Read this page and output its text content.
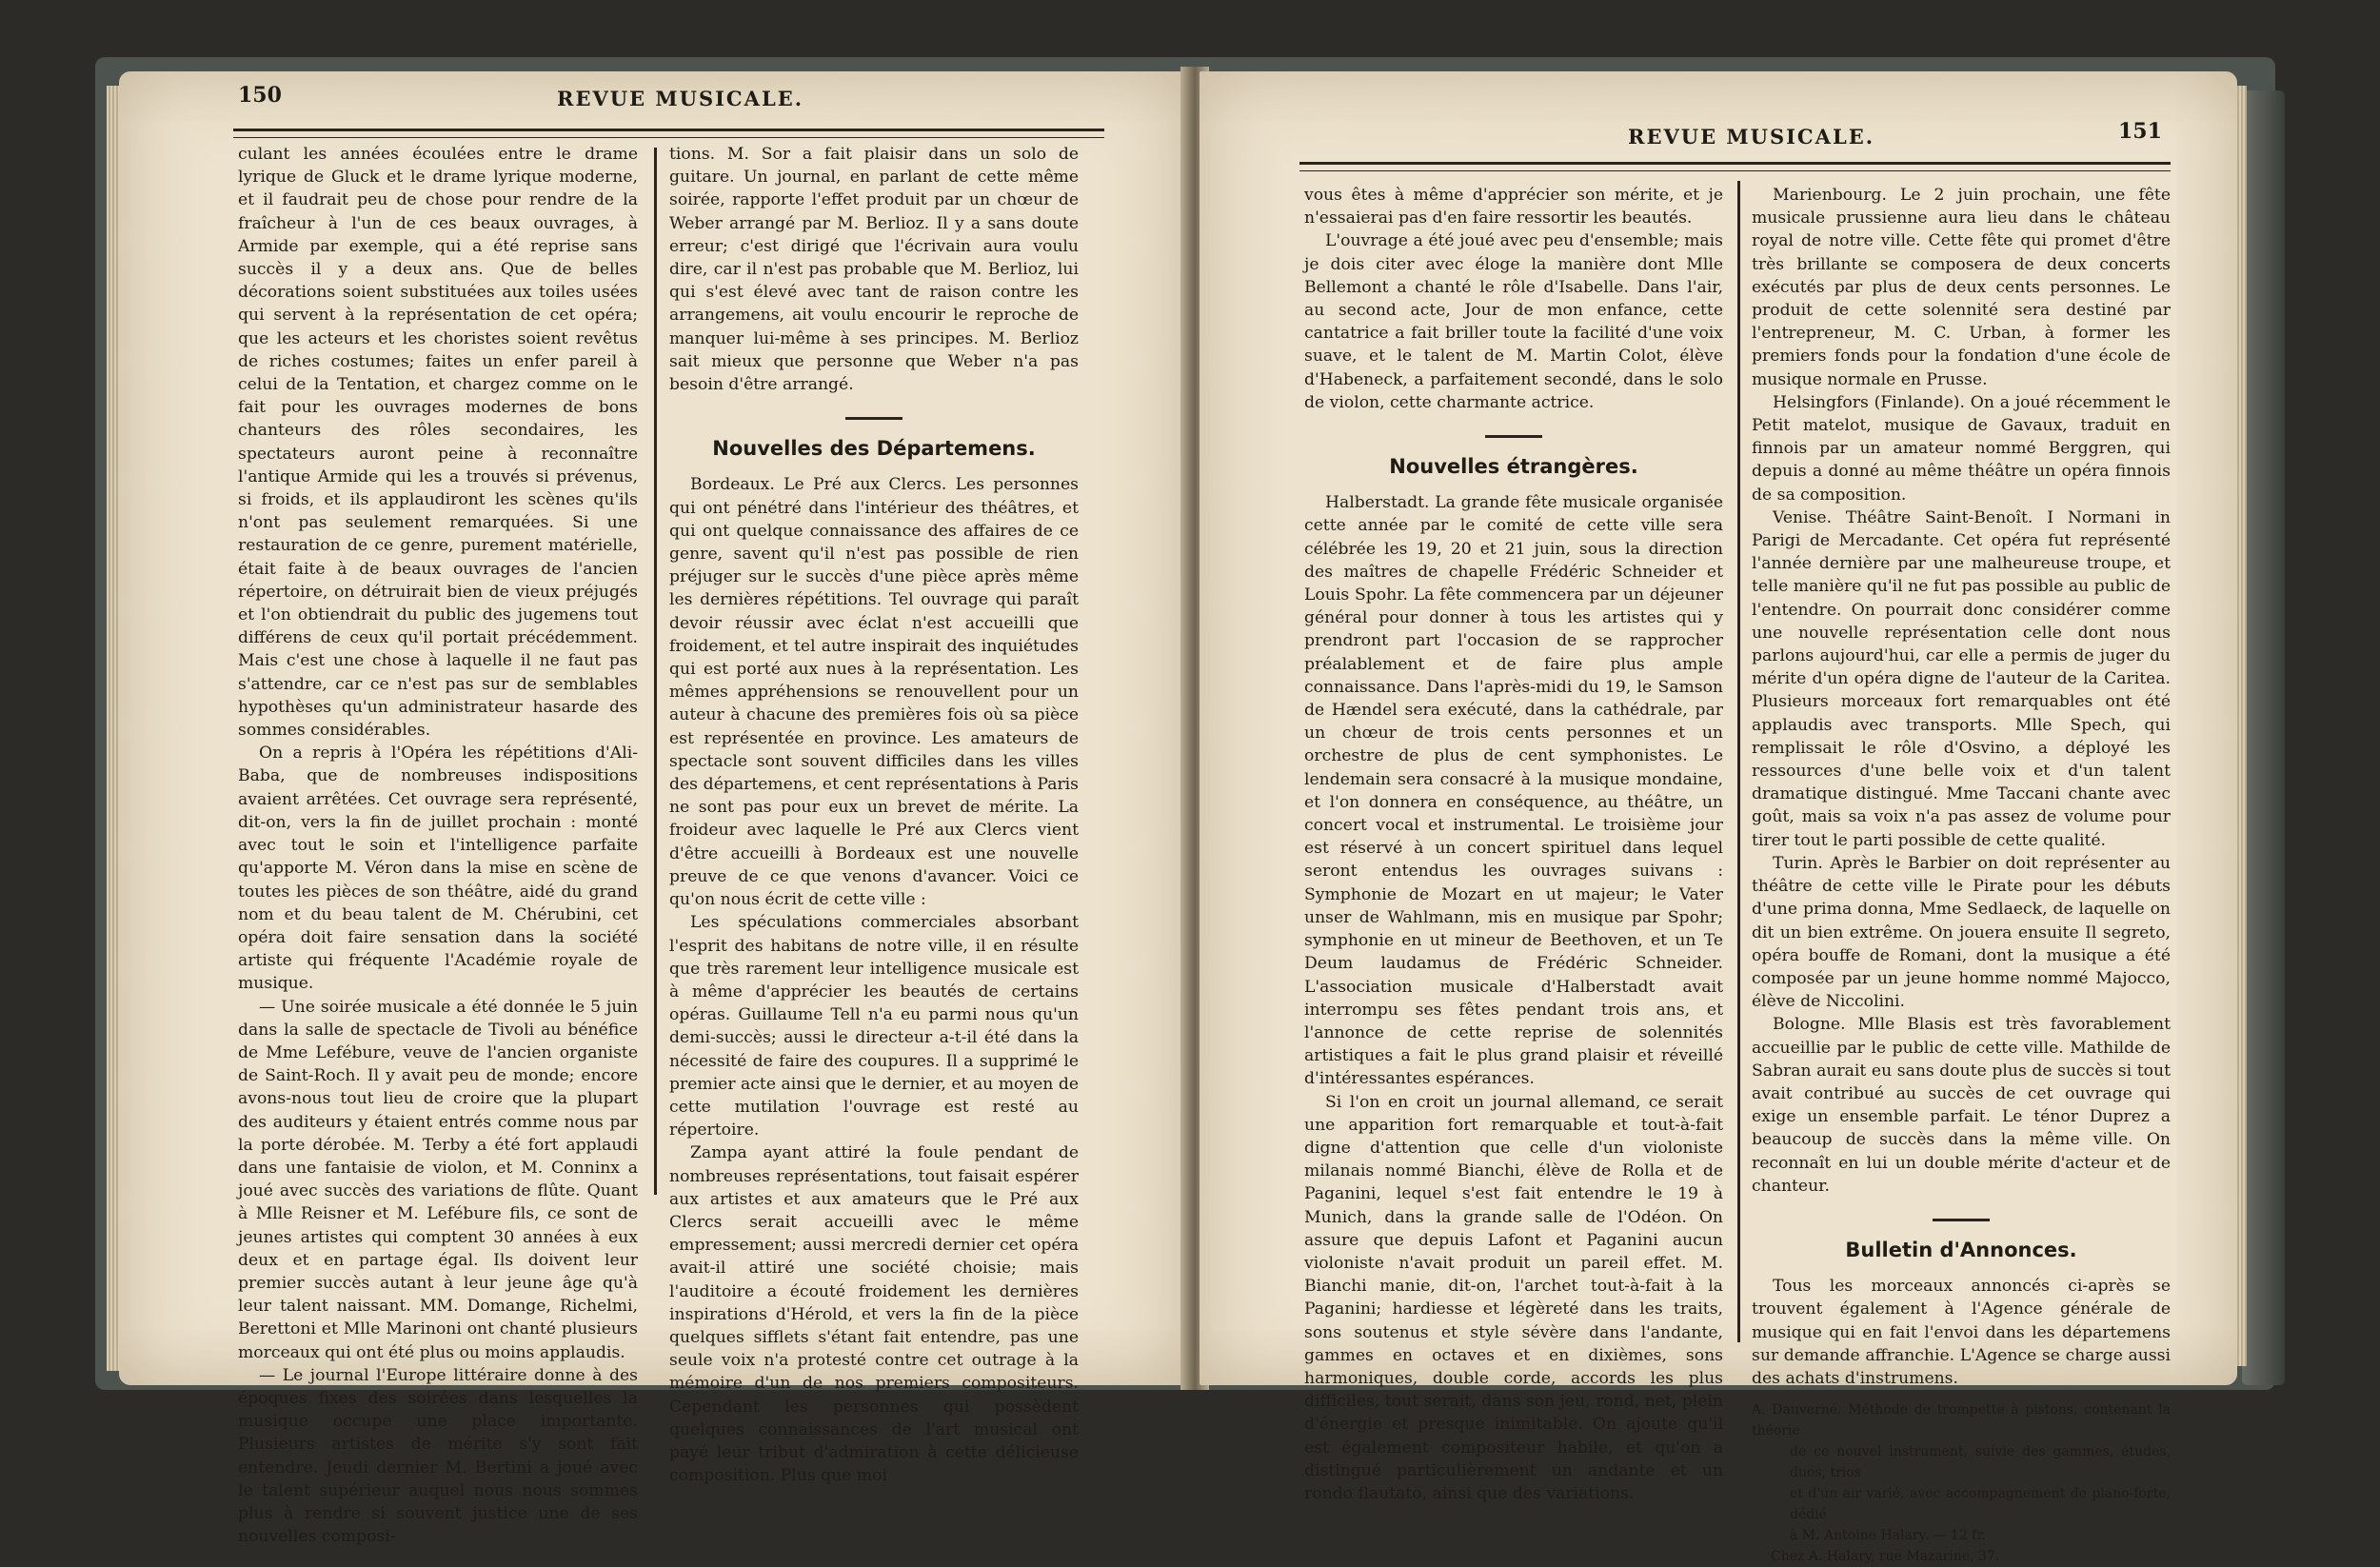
150	REVUE MUSICALE.

culant les années écoulées entre le drame lyrique de Gluck et le drame lyrique moderne, et il faudrait peu de chose pour rendre de la fraîcheur à l'un de ces beaux ouvrages, à Armide par exemple, qui a été reprise sans succès il y a deux ans. Que de belles décorations soient substituées aux toiles usées qui servent à la représentation de cet opéra; que les acteurs et les choristes soient revêtus de riches costumes; faites un enfer pareil à celui de la Tentation, et chargez comme on le fait pour les ouvrages modernes de bons chanteurs des rôles secondaires, les spectateurs auront peine à reconnaître l'antique Armide qui les a trouvés si prévenus, si froids, et ils applaudiront les scènes qu'ils n'ont pas seulement remarquées. Si une restauration de ce genre, purement matérielle, était faite à de beaux ouvrages de l'ancien répertoire, on détruirait bien de vieux préjugés et l'on obtiendrait du public des jugemens tout différens de ceux qu'il portait précédemment. Mais c'est une chose à laquelle il ne faut pas s'attendre, car ce n'est pas sur de semblables hypothèses qu'un administrateur hasarde des sommes considérables.

On a repris à l'Opéra les répétitions d'Ali-Baba, que de nombreuses indispositions avaient arrêtées. Cet ouvrage sera représenté, dit-on, vers la fin de juillet prochain : monté avec tout le soin et l'intelligence parfaite qu'apporte M. Véron dans la mise en scène de toutes les pièces de son théâtre, aidé du grand nom et du beau talent de M. Chérubini, cet opéra doit faire sensation dans la société artiste qui fréquente l'Académie royale de musique.

— Une soirée musicale a été donnée le 5 juin dans la salle de spectacle de Tivoli au bénéfice de Mme Lefébure, veuve de l'ancien organiste de Saint-Roch. Il y avait peu de monde; encore avons-nous tout lieu de croire que la plupart des auditeurs y étaient entrés comme nous par la porte dérobée. M. Terby a été fort applaudi dans une fantaisie de violon, et M. Conninx a joué avec succès des variations de flûte. Quant à Mlle Reisner et M. Lefébure fils, ce sont de jeunes artistes qui comptent 30 années à eux deux et en partage égal. Ils doivent leur premier succès autant à leur jeune âge qu'à leur talent naissant. MM. Domange, Richelmi, Berettoni et Mlle Marinoni ont chanté plusieurs morceaux qui ont été plus ou moins applaudis.

— Le journal l'Europe littéraire donne à des époques fixes des soirées dans lesquelles la musique occupe une place importante. Plusieurs artistes de mérite s'y sont fait entendre. Jeudi dernier M. Bertini a joué avec le talent supérieur auquel nous nous sommes plus à rendre si souvent justice une de ses nouvelles composi-

tions. M. Sor a fait plaisir dans un solo de guitare. Un journal, en parlant de cette même soirée, rapporte l'effet produit par un chœur de Weber arrangé par M. Berlioz. Il y a sans doute erreur; c'est dirigé que l'écrivain aura voulu dire, car il n'est pas probable que M. Berlioz, lui qui s'est élevé avec tant de raison contre les arrangemens, ait voulu encourir le reproche de manquer lui-même à ses principes. M. Berlioz sait mieux que personne que Weber n'a pas besoin d'être arrangé.

Nouvelles des Départemens.

Bordeaux. Le Pré aux Clercs. Les personnes qui ont pénétré dans l'intérieur des théâtres, et qui ont quelque connaissance des affaires de ce genre, savent qu'il n'est pas possible de rien préjuger sur le succès d'une pièce après même les dernières répétitions. Tel ouvrage qui paraît devoir réussir avec éclat n'est accueilli que froidement, et tel autre inspirait des inquiétudes qui est porté aux nues à la représentation. Les mêmes appréhensions se renouvellent pour un auteur à chacune des premières fois où sa pièce est représentée en province. Les amateurs de spectacle sont souvent difficiles dans les villes des départemens, et cent représentations à Paris ne sont pas pour eux un brevet de mérite. La froideur avec laquelle le Pré aux Clercs vient d'être accueilli à Bordeaux est une nouvelle preuve de ce que venons d'avancer. Voici ce qu'on nous écrit de cette ville :

Les spéculations commerciales absorbant l'esprit des habitans de notre ville, il en résulte que très rarement leur intelligence musicale est à même d'apprécier les beautés de certains opéras. Guillaume Tell n'a eu parmi nous qu'un demi-succès; aussi le directeur a-t-il été dans la nécessité de faire des coupures. Il a supprimé le premier acte ainsi que le dernier, et au moyen de cette mutilation l'ouvrage est resté au répertoire.

Zampa ayant attiré la foule pendant de nombreuses représentations, tout faisait espérer aux artistes et aux amateurs que le Pré aux Clercs serait accueilli avec le même empressement; aussi mercredi dernier cet opéra avait-il attiré une société choisie; mais l'auditoire a écouté froidement les dernières inspirations d'Hérold, et vers la fin de la pièce quelques sifflets s'étant fait entendre, pas une seule voix n'a protesté contre cet outrage à la mémoire d'un de nos premiers compositeurs. Cependant les personnes qui possèdent quelques connaissances de l'art musical ont payé leur tribut d'admiration à cette délicieuse composition. Plus que moi

REVUE MUSICALE.	151

vous êtes à même d'apprécier son mérite, et je n'essaierai pas d'en faire ressortir les beautés.

L'ouvrage a été joué avec peu d'ensemble; mais je dois citer avec éloge la manière dont Mlle Bellemont a chanté le rôle d'Isabelle. Dans l'air, au second acte, Jour de mon enfance, cette cantatrice a fait briller toute la facilité d'une voix suave, et le talent de M. Martin Colot, élève d'Habeneck, a parfaitement secondé, dans le solo de violon, cette charmante actrice.

Nouvelles étrangères.

Halberstadt. La grande fête musicale organisée cette année par le comité de cette ville sera célébrée les 19, 20 et 21 juin, sous la direction des maîtres de chapelle Frédéric Schneider et Louis Spohr. La fête commencera par un déjeuner général pour donner à tous les artistes qui y prendront part l'occasion de se rapprocher préalablement et de faire plus ample connaissance. Dans l'après-midi du 19, le Samson de Hændel sera exécuté, dans la cathédrale, par un chœur de trois cents personnes et un orchestre de plus de cent symphonistes. Le lendemain sera consacré à la musique mondaine, et l'on donnera en conséquence, au théâtre, un concert vocal et instrumental. Le troisième jour est réservé à un concert spirituel dans lequel seront entendus les ouvrages suivans : Symphonie de Mozart en ut majeur; le Vater unser de Wahlmann, mis en musique par Spohr; symphonie en ut mineur de Beethoven, et un Te Deum laudamus de Frédéric Schneider. L'association musicale d'Halberstadt avait interrompu ses fêtes pendant trois ans, et l'annonce de cette reprise de solennités artistiques a fait le plus grand plaisir et réveillé d'intéressantes espérances.

Si l'on en croit un journal allemand, ce serait une apparition fort remarquable et tout-à-fait digne d'attention que celle d'un violoniste milanais nommé Bianchi, élève de Rolla et de Paganini, lequel s'est fait entendre le 19 à Munich, dans la grande salle de l'Odéon. On assure que depuis Lafont et Paganini aucun violoniste n'avait produit un pareil effet. M. Bianchi manie, dit-on, l'archet tout-à-fait à la Paganini; hardiesse et légèreté dans les traits, sons soutenus et style sévère dans l'andante, gammes en octaves et en dixièmes, sons harmoniques, double corde, accords les plus difficiles, tout serait, dans son jeu, rond, net, plein d'énergie et presque inimitable. On ajoute qu'il est également compositeur habile, et qu'on a distingué particulièrement un andante et un rondo flautato, ainsi que des variations.

Marienbourg. Le 2 juin prochain, une fête musicale prussienne aura lieu dans le château royal de notre ville. Cette fête qui promet d'être très brillante se composera de deux concerts exécutés par plus de deux cents personnes. Le produit de cette solennité sera destiné par l'entrepreneur, M. C. Urban, à former les premiers fonds pour la fondation d'une école de musique normale en Prusse.

Helsingfors (Finlande). On a joué récemment le Petit matelot, musique de Gavaux, traduit en finnois par un amateur nommé Berggren, qui depuis a donné au même théâtre un opéra finnois de sa composition.

Venise. Théâtre Saint-Benoît. I Normani in Parigi de Mercadante. Cet opéra fut représenté l'année dernière par une malheureuse troupe, et telle manière qu'il ne fut pas possible au public de l'entendre. On pourrait donc considérer comme une nouvelle représentation celle dont nous parlons aujourd'hui, car elle a permis de juger du mérite d'un opéra digne de l'auteur de la Caritea. Plusieurs morceaux fort remarquables ont été applaudis avec transports. Mlle Spech, qui remplissait le rôle d'Osvino, a déployé les ressources d'une belle voix et d'un talent dramatique distingué. Mme Taccani chante avec goût, mais sa voix n'a pas assez de volume pour tirer tout le parti possible de cette qualité.

Turin. Après le Barbier on doit représenter au théâtre de cette ville le Pirate pour les débuts d'une prima donna, Mme Sedlaeck, de laquelle on dit un bien extrême. On jouera ensuite Il segreto, opéra bouffe de Romani, dont la musique a été composée par un jeune homme nommé Majocco, élève de Niccolini.

Bologne. Mlle Blasis est très favorablement accueillie par le public de cette ville. Mathilde de Sabran aurait eu sans doute plus de succès si tout avait contribué au succès de cet ouvrage qui exige un ensemble parfait. Le ténor Duprez a beaucoup de succès dans la même ville. On reconnaît en lui un double mérite d'acteur et de chanteur.

Bulletin d'Annonces.

Tous les morceaux annoncés ci-après se trouvent également à l'Agence générale de musique qui en fait l'envoi dans les départemens sur demande affranchie. L'Agence se charge aussi des achats d'instrumens.

A. Dauverné. Méthode de trompette à pistons, contenant la théorie
de ce nouvel instrument, suivie des gammes, études, duos, trios
et d'un air varié, avec accompagnement de piano-forte, dédié
à M. Antoine Halary. — 12 fr.
Chez A. Halary, rue Mazarine, 37.
